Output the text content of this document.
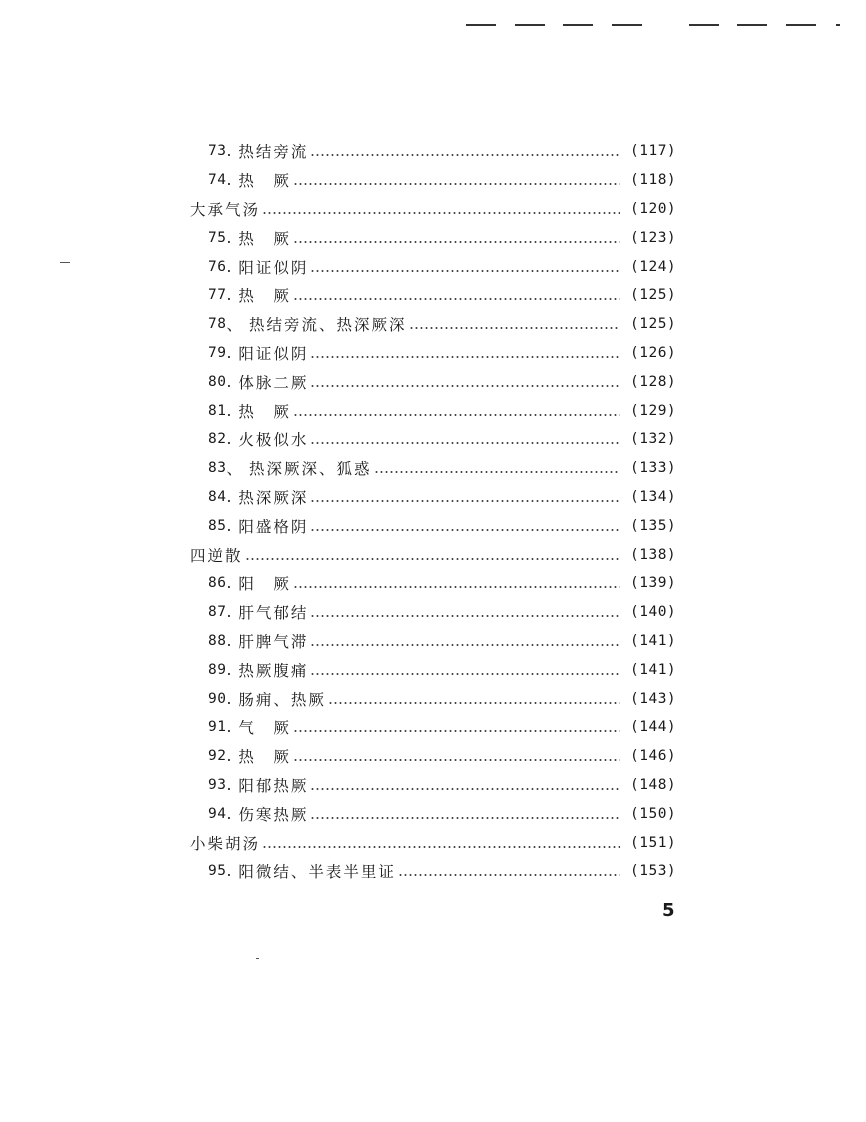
73 . 热结旁流	(117)
74 . 热　厥	(118)
大承气汤	(120)
75 . 热　厥	(123)
76 . 阳证似阴	(124)
77 . 热　厥	(125)
78 、 热结旁流、热深厥深	(125)
79 . 阳证似阴	(126)
80 . 体脉二厥	(128)
81 . 热　厥	(129)
82 . 火极似水	(132)
83 、 热深厥深、狐惑	(133)
84 . 热深厥深	(134)
85 . 阳盛格阴	(135)
四逆散	(138)
86 . 阳　厥	(139)
87 . 肝气郁结	(140)
88 . 肝脾气滞	(141)
89 . 热厥腹痛	(141)
90 . 肠痈、热厥	(143)
91 . 气　厥	(144)
92 . 热　厥	(146)
93 . 阳郁热厥	(148)
94 . 伤寒热厥	(150)
小柴胡汤	(151)
95 . 阳微结、半表半里证	(153)
5
